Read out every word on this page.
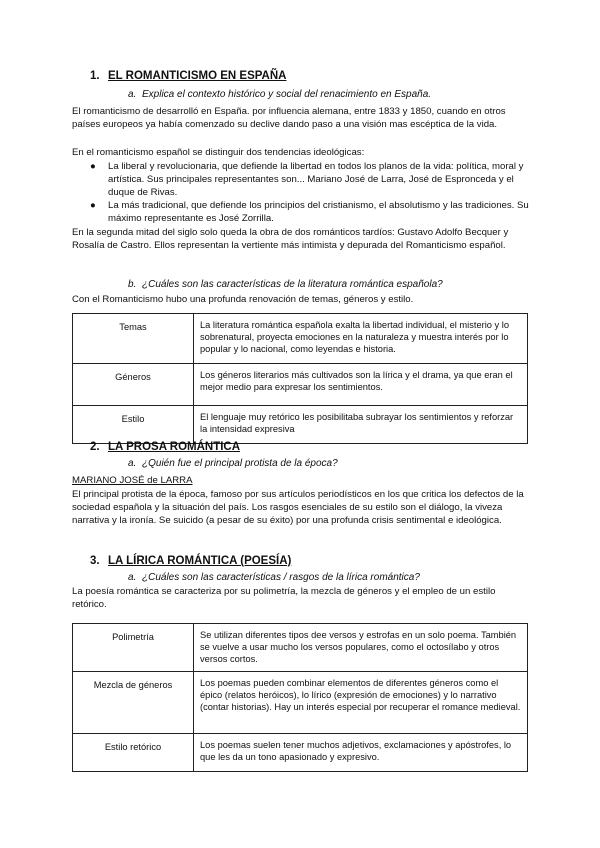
1. EL ROMANTICISMO EN ESPAÑA
a. Explica el contexto histórico y social del renacimiento en España.
El romanticismo de desarrolló en España. por influencia alemana, entre 1833 y 1850, cuando en otros países europeos ya había comenzado su declive dando paso a una visión mas escéptica de la vida.
En el romanticismo español se distinguir dos tendencias ideológicas:
● La liberal y revolucionaria, que defiende la libertad en todos los planos de la vida: política, moral y artística. Sus principales representantes son... Mariano José de Larra, José de Espronceda y el duque de Rivas.
● La más tradicional, que defiende los principios del cristianismo, el absolutismo y las tradiciones. Su máximo representante es José Zorrilla.
En la segunda mitad del siglo solo queda la obra de dos románticos tardíos: Gustavo Adolfo Becquer y Rosalía de Castro. Ellos representan la vertiente más intimista y depurada del Romanticismo español.
b. ¿Cuáles son las características de la literatura romántica española?
Con el Romanticismo hubo una profunda renovación de temas, géneros y estilo.
Temas	La literatura romántica española exalta la libertad individual, el misterio y lo sobrenatural, proyecta emociones en la naturaleza y muestra interés por lo popular y lo nacional, como leyendas e historia.
Géneros	Los géneros literarios más cultivados son la lírica y el drama, ya que eran el mejor medio para expresar los sentimientos.
Estilo	El lenguaje muy retórico les posibilitaba subrayar los sentimientos y reforzar la intensidad expresiva
2. LA PROSA ROMÁNTICA
a. ¿Quién fue el principal protista de la época?
MARIANO JOSÉ de LARRA
El principal protista de la época, famoso por sus artículos periodísticos en los que critica los defectos de la sociedad española y la situación del país. Los rasgos esenciales de su estilo son el diálogo, la viveza narrativa y la ironía. Se suicido (a pesar de su éxito) por una profunda crisis sentimental e ideológica.
3. LA LÍRICA ROMÁNTICA (POESÍA)
a. ¿Cuáles son las características / rasgos de la lírica romántica?
La poesía romántica se caracteriza por su polimetría, la mezcla de géneros y el empleo de un estilo retórico.
Polimetría	Se utilizan diferentes tipos dee versos y estrofas en un solo poema. También se vuelve a usar mucho los versos populares, como el octosílabo y otros versos cortos.
Mezcla de géneros	Los poemas pueden combinar elementos de diferentes géneros como el épico (relatos heróicos), lo lírico (expresión de emociones) y lo narrativo (contar historias). Hay un interés especial por recuperar el romance medieval.
Estilo retórico	Los poemas suelen tener muchos adjetivos, exclamaciones y apóstrofes, lo que les da un tono apasionado y expresivo.
